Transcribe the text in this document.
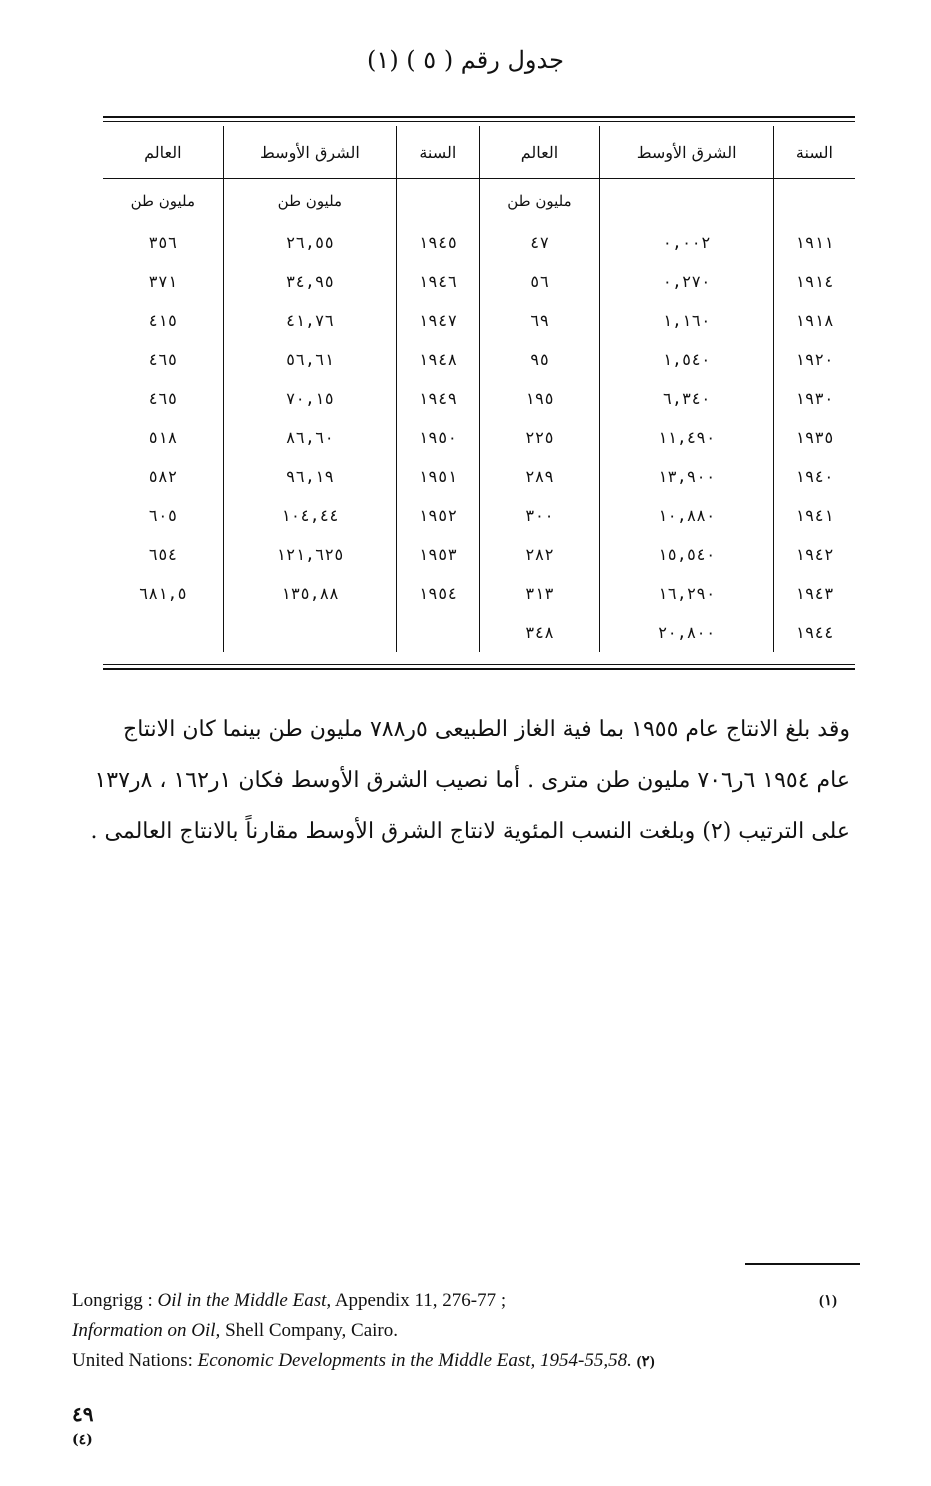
جدول رقم ( ٥ ) (١)
السنة	الشرق الأوسط	العالم	السنة	الشرق الأوسط	العالم
		مليون طن		مليون طن	مليون طن
١٩١١	٠,٠٠٢	٤٧	١٩٤٥	٢٦,٥٥	٣٥٦
١٩١٤	٠,٢٧٠	٥٦	١٩٤٦	٣٤,٩٥	٣٧١
١٩١٨	١,١٦٠	٦٩	١٩٤٧	٤١,٧٦	٤١٥
١٩٢٠	١,٥٤٠	٩٥	١٩٤٨	٥٦,٦١	٤٦٥
١٩٣٠	٦,٣٤٠	١٩٥	١٩٤٩	٧٠,١٥	٤٦٥
١٩٣٥	١١,٤٩٠	٢٢٥	١٩٥٠	٨٦,٦٠	٥١٨
١٩٤٠	١٣,٩٠٠	٢٨٩	١٩٥١	٩٦,١٩	٥٨٢
١٩٤١	١٠,٨٨٠	٣٠٠	١٩٥٢	١٠٤,٤٤	٦٠٥
١٩٤٢	١٥,٥٤٠	٢٨٢	١٩٥٣	١٢١,٦٢٥	٦٥٤
١٩٤٣	١٦,٢٩٠	٣١٣	١٩٥٤	١٣٥,٨٨	٦٨١,٥
١٩٤٤	٢٠,٨٠٠	٣٤٨			
وقد بلغ الانتاج عام ١٩٥٥ بما فية الغاز الطبيعى ٥ر٧٨٨ مليون طن بينما كان الانتاج
عام ١٩٥٤ ٦ر٧٠٦ مليون طن مترى . أما نصيب الشرق الأوسط فكان ١ر١٦٢ ، ٨ر١٣٧
على الترتيب (٢) وبلغت النسب المئوية لانتاج الشرق الأوسط مقارناً بالانتاج العالمى .
Longrigg : Oil in the Middle East, Appendix 11, 276-77 ;	(١)
Information on Oil, Shell Company, Cairo.
United Nations: Economic Developments in the Middle East, 1954-55,58. (٢)
٤٩
(٤)
